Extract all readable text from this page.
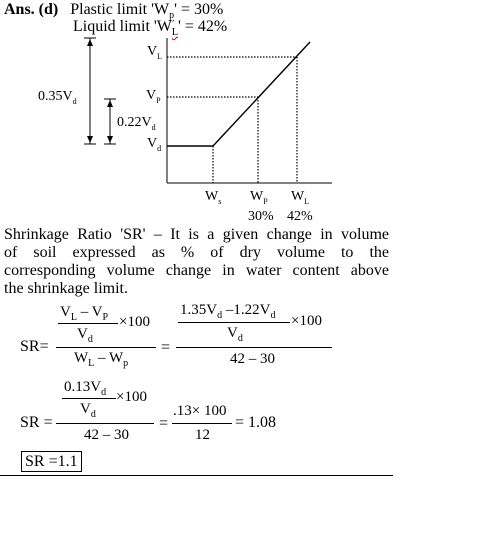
Ans. (d) Plastic limit '$W_p' = 30\%$
Liquid limit '$W_L' = 42\%$
$V_L$
$V_P$
$V_d$
$0.35V_d$
$0.22V_d$
$W_s$ $W_P$ $W_L$
30% 42%
Shrinkage Ratio 'SR' – It is a given change in volume
of soil expressed as % of dry volume to the
corresponding volume change in water content above
the shrinkage limit.
SR=
$V_L - V_P \times 100$
$V_d$
$W_L - W_p$
=
$1.35V_d$ $-1.22V_d \times 100$
$V_d$
42 – 30
$0.13V_d \times 100$
$V_d$
SR =
42 – 30
=
.13× 100
12
= 1.08
SR =1.1
